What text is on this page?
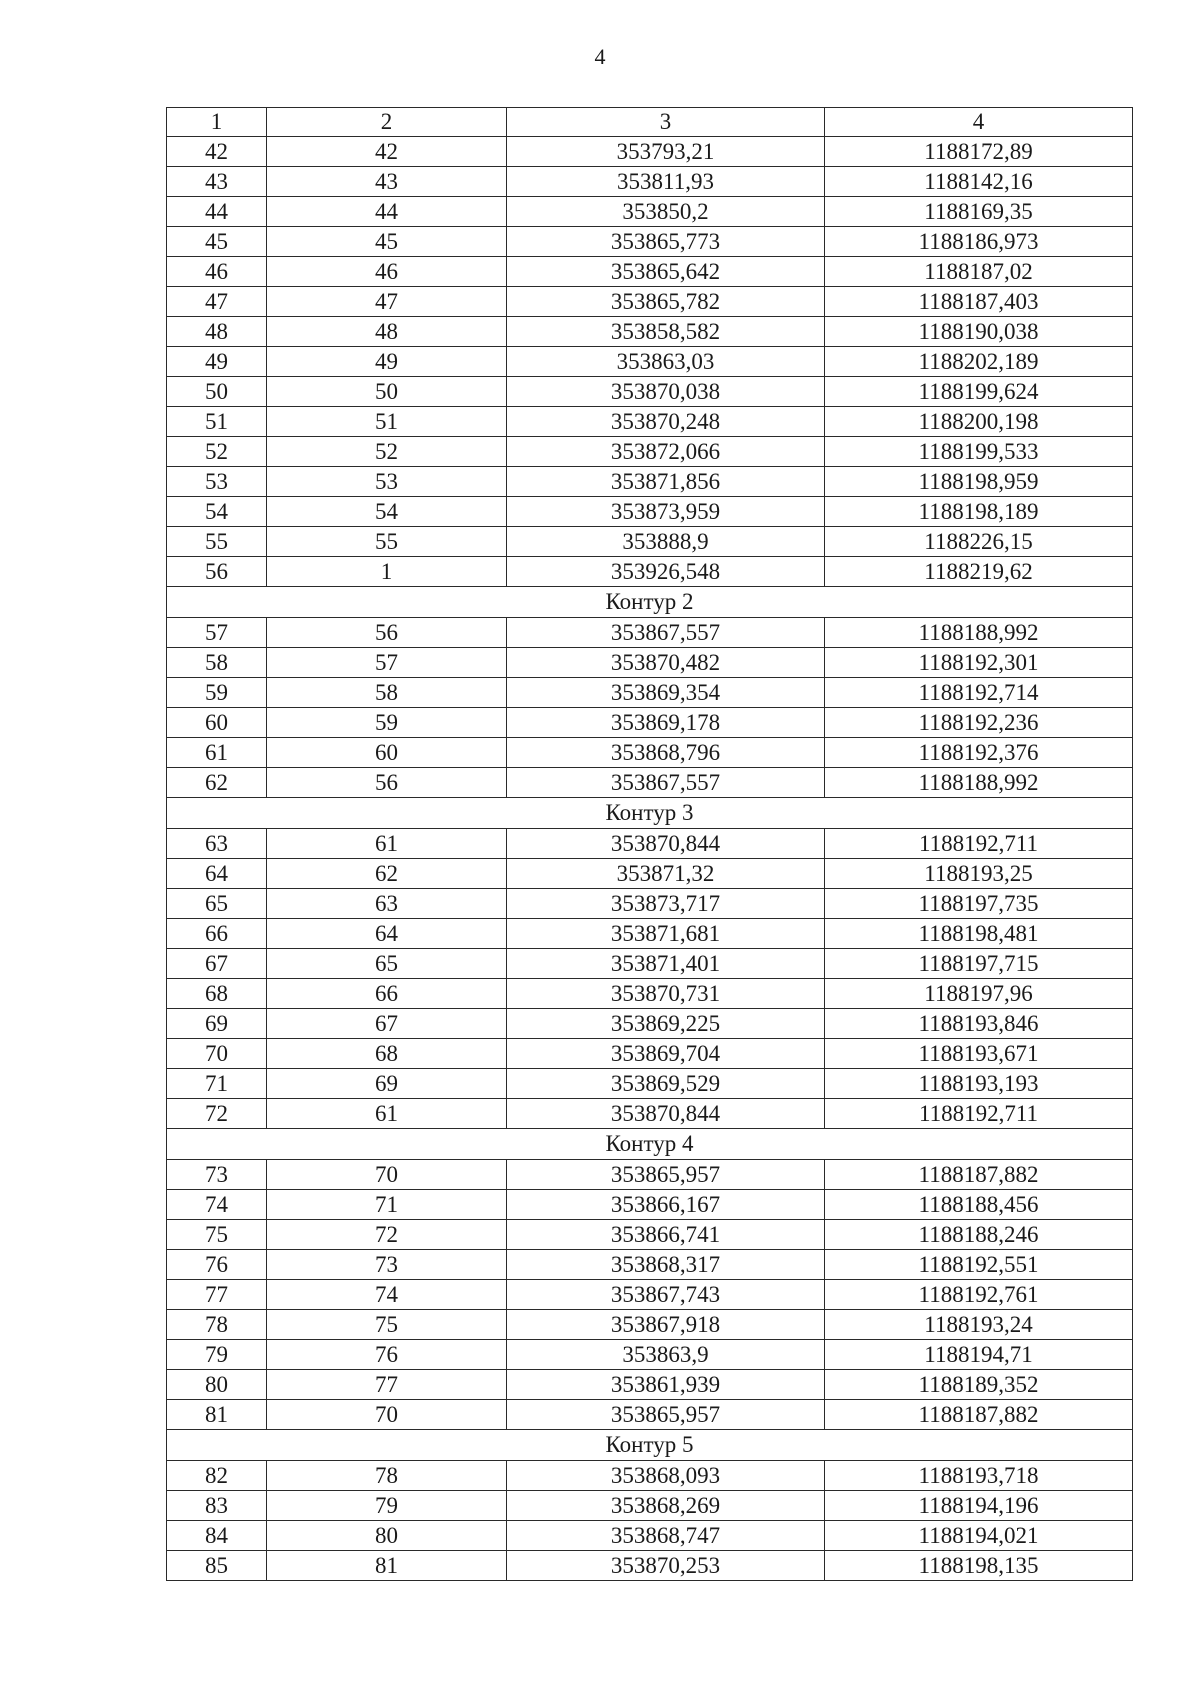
4
1	2	3	4
42	42	353793,21	1188172,89
43	43	353811,93	1188142,16
44	44	353850,2	1188169,35
45	45	353865,773	1188186,973
46	46	353865,642	1188187,02
47	47	353865,782	1188187,403
48	48	353858,582	1188190,038
49	49	353863,03	1188202,189
50	50	353870,038	1188199,624
51	51	353870,248	1188200,198
52	52	353872,066	1188199,533
53	53	353871,856	1188198,959
54	54	353873,959	1188198,189
55	55	353888,9	1188226,15
56	1	353926,548	1188219,62
Контур 2			
57	56	353867,557	1188188,992
58	57	353870,482	1188192,301
59	58	353869,354	1188192,714
60	59	353869,178	1188192,236
61	60	353868,796	1188192,376
62	56	353867,557	1188188,992
Контур 3			
63	61	353870,844	1188192,711
64	62	353871,32	1188193,25
65	63	353873,717	1188197,735
66	64	353871,681	1188198,481
67	65	353871,401	1188197,715
68	66	353870,731	1188197,96
69	67	353869,225	1188193,846
70	68	353869,704	1188193,671
71	69	353869,529	1188193,193
72	61	353870,844	1188192,711
Контур 4			
73	70	353865,957	1188187,882
74	71	353866,167	1188188,456
75	72	353866,741	1188188,246
76	73	353868,317	1188192,551
77	74	353867,743	1188192,761
78	75	353867,918	1188193,24
79	76	353863,9	1188194,71
80	77	353861,939	1188189,352
81	70	353865,957	1188187,882
Контур 5			
82	78	353868,093	1188193,718
83	79	353868,269	1188194,196
84	80	353868,747	1188194,021
85	81	353870,253	1188198,135
